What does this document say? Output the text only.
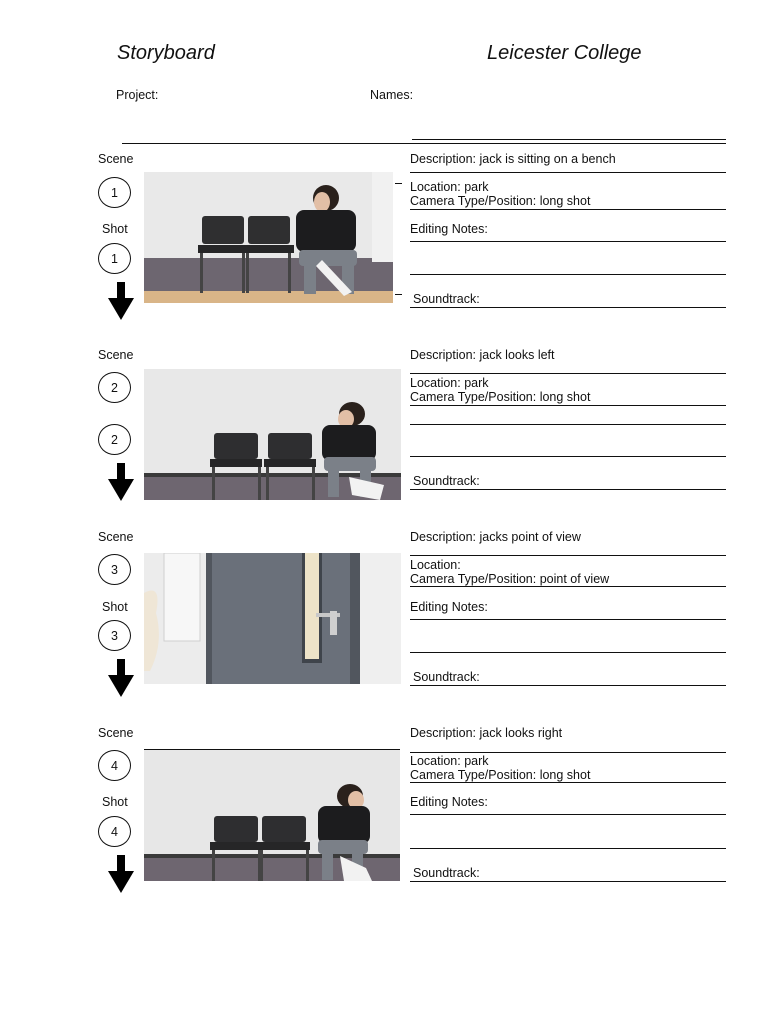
Storyboard	Leicester College
Project:	Names:
Scene
1
Shot
1
Description: jack is sitting on a bench
Location: park
Camera Type/Position: long shot
Editing Notes:
Soundtrack:
Scene
2
2
Description: jack looks left
Location: park
Camera Type/Position: long shot
Soundtrack:
Scene
3
Shot
3
Description: jacks point of view
Location:
Camera Type/Position: point of view
Editing Notes:
Soundtrack:
Scene
4
Shot
4
Description: jack looks right
Location: park
Camera Type/Position: long shot
Editing Notes:
Soundtrack:
